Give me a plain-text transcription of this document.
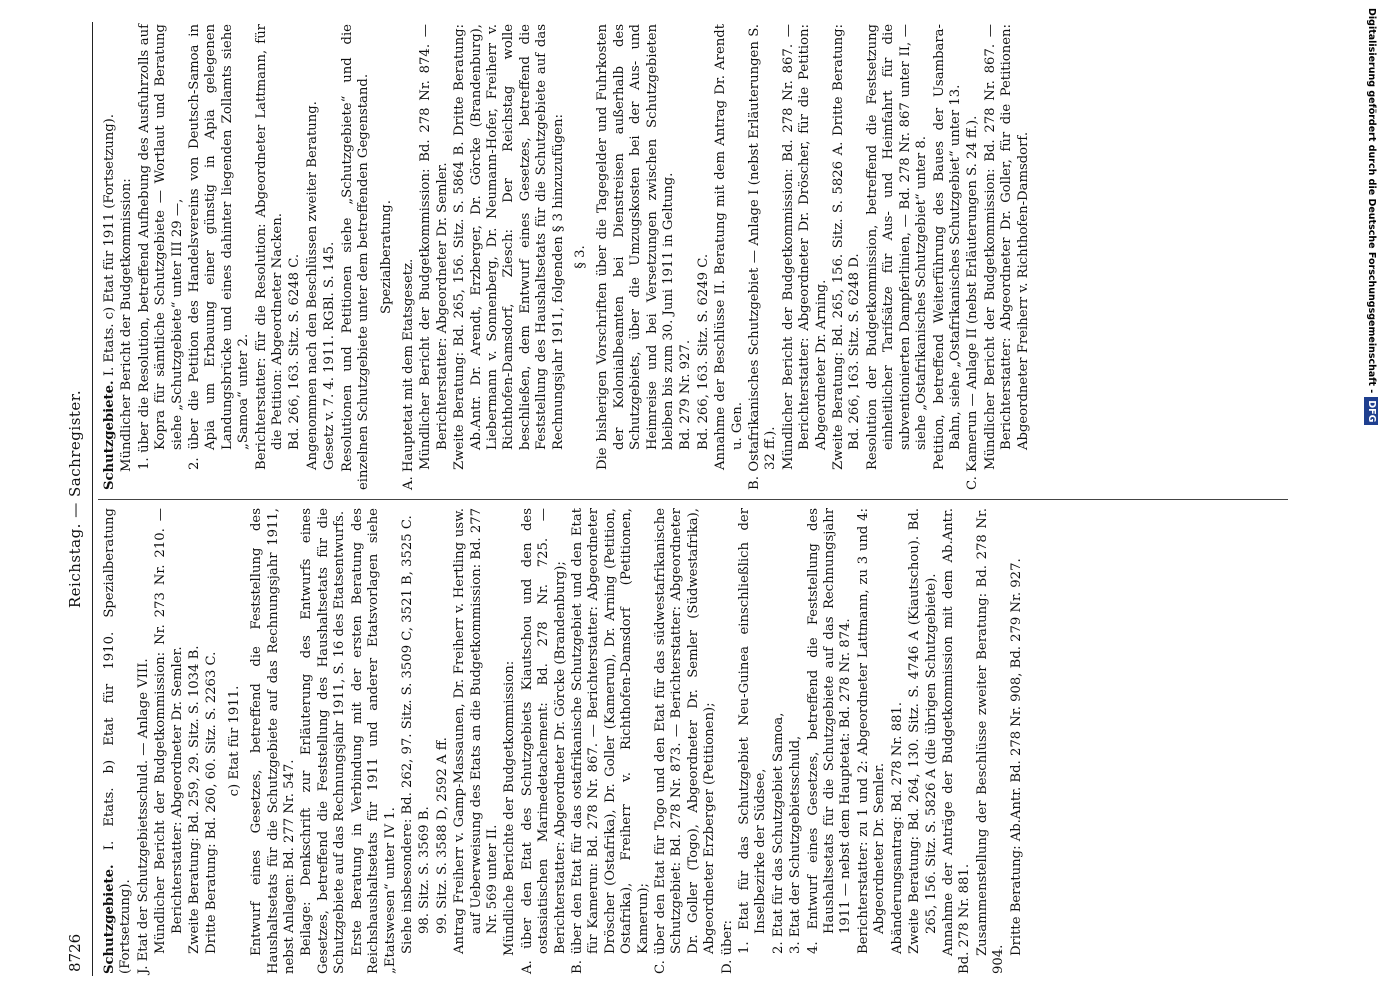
8726
Reichstag. — Sachregister.

Schutzgebiete. I. Etats. b) Etat für 1910. Spezialberatung (Fortsetzung). J. Etat der Schutzgebietsschuld. — Anlage VIII. Mündlicher Bericht der Budgetkommission: Nr. 273 Nr. 210. — Berichterstatter: Abgeordneter Dr. Semler. Zweite Beratung: Bd. 259, 29. Sitz. S. 1034 B. Dritte Beratung: Bd. 260, 60. Sitz. S. 2263 C. c) Etat für 1911. Entwurf eines Gesetzes, betreffend die Feststellung des Haushaltsetats für die Schutzgebiete auf das Rechnungsjahr 1911, nebst Anlagen: Bd. 277 Nr. 547. Beilage: Denkschrift zur Erläuterung des Entwurfs eines Gesetzes, betreffend die Feststellung des Haushaltsetats für die Schutzgebiete auf das Rechnungsjahr 1911, S. 16 des Etatsentwurfs. Erste Beratung in Verbindung mit der ersten Beratung des Reichshaushaltsetats für 1911 und anderer Etatsvorlagen siehe „Etatswesen“ unter IV 1. Siehe insbesondere: Bd. 262, 97. Sitz. S. 3509 C, 3521 B, 3525 C. 98. Sitz. S. 3569 B. 99. Sitz. S. 3588 D, 2592 A ff. Antrag Freiherr v. Gamp-Massaunen, Dr. Freiherr v. Hertling usw. auf Ueberweisung des Etats an die Budgetkommission: Bd. 277 Nr. 569 unter II. Mündliche Berichte der Budgetkommission: A. über den Etat des Schutzgebiets Kiautschou und den des ostasiatischen Marinedetachement: Bd. 278 Nr. 725. — Berichterstatter: Abgeordneter Dr. Görcke (Brandenburg); B. über den Etat für das ostafrikanische Schutzgebiet und den Etat für Kamerun: Bd. 278 Nr. 867. — Berichterstatter: Abgeordneter Dröscher (Ostafrika), Dr. Goller (Kamerun), Dr. Arning (Petition, Ostafrika), Freiherr v. Richthofen-Damsdorf (Petitionen, Kamerun); C. über den Etat für Togo und den Etat für das südwestafrikanische Schutzgebiet: Bd. 278 Nr. 873. — Berichterstatter: Abgeordneter Dr. Goller (Togo), Abgeordneter Dr. Semler (Südwestafrika), Abgeordneter Erzberger (Petitionen); D. über: 1. Etat für das Schutzgebiet Neu-Guinea einschließlich der Inselbezirke der Südsee, 2. Etat für das Schutzgebiet Samoa, 3. Etat der Schutzgebietsschuld, 4. Entwurf eines Gesetzes, betreffend die Feststellung des Haushaltsetats für die Schutzgebiete auf das Rechnungsjahr 1911 — nebst dem Hauptetat: Bd. 278 Nr. 874. Berichterstatter: zu 1 und 2: Abgeordneter Lattmann, zu 3 und 4: Abgeordneter Dr. Semler. Abänderungsantrag: Bd. 278 Nr. 881. Zweite Beratung: Bd. 264, 130. Sitz. S. 4746 A (Kiautschou). Bd. 265, 156. Sitz. S. 5826 A (die übrigen Schutzgebiete). Annahme der Anträge der Budgetkommission mit dem Ab.Antr. Bd. 278 Nr. 881. Zusammenstellung der Beschlüsse zweiter Beratung: Bd. 278 Nr. 904.

Dritte Beratung: Ab.Antr. Bd. 278 Nr. 908, Bd. 279 Nr. 927.

Schutzgebiete. I. Etats. c) Etat für 1911 (Fortsetzung). Mündlicher Bericht der Budgetkommission: 1. über die Resolution, betreffend Aufhebung des Ausfuhrzolls auf Kopra für sämtliche Schutzgebiete — Wortlaut und Beratung siehe „Schutzgebiete“ unter III 29 —, 2. über die Petition des Handelsvereins von Deutsch-Samoa in Apia um Erbauung einer günstig in Apia gelegenen Landungsbrücke und eines dahinter liegenden Zollamts siehe „Samoa“ unter 2. Berichterstatter: für die Resolution: Abgeordneter Lattmann, für die Petition: Abgeordneter Nacken. Bd. 266, 163. Sitz. S. 6248 C. Angenommen nach den Beschlüssen zweiter Beratung. Gesetz v. 7. 4. 1911. RGBl. S. 145. Resolutionen und Petitionen siehe „Schutzgebiete“ und die einzelnen Schutzgebiete unter dem betreffenden Gegenstand. Spezialberatung.

A. Hauptetat mit dem Etatsgesetz. Mündlicher Bericht der Budgetkommission: Bd. 278 Nr. 874. — Berichterstatter: Abgeordneter Dr. Semler. Zweite Beratung: Bd. 265, 156. Sitz. S. 5864 B. Dritte Beratung: Ab.Antr. Dr. Arendt, Erzberger, Dr. Görcke (Brandenburg), Liebermann v. Sonnenberg, Dr. Neumann-Hofer, Freiherr v. Richthofen-Damsdorf, Ziesch: Der Reichstag wolle beschließen, dem Entwurf eines Gesetzes, betreffend die Feststellung des Haushaltsetats für die Schutzgebiete auf das Rechnungsjahr 1911, folgenden § 3 hinzuzufügen: § 3. Die bisherigen Vorschriften über die Tagegelder und Fuhrkosten der Kolonialbeamten bei Dienstreisen außerhalb des Schutzgebiets, über die Umzugskosten bei der Aus- und Heimreise und bei Versetzungen zwischen Schutzgebieten bleiben bis zum 30. Juni 1911 in Geltung. Bd. 279 Nr. 927. Bd. 266, 163. Sitz. S. 6249 C. Annahme der Beschlüsse II. Beratung mit dem Antrag Dr. Arendt u. Gen. B. Ostafrikanisches Schutzgebiet — Anlage I (nebst Erläuterungen S. 32 ff.). Mündlicher Bericht der Budgetkommission: Bd. 278 Nr. 867. — Berichterstatter: Abgeordneter Dr. Dröscher, für die Petition: Abgeordneter Dr. Arning. Zweite Beratung: Bd. 265, 156. Sitz. S. 5826 A. Dritte Beratung: Bd. 266, 163. Sitz. S. 6248 D. Resolution der Budgetkommission, betreffend die Festsetzung einheitlicher Tarifsätze für Aus- und Heimfahrt für die subventionierten Dampferlinien, — Bd. 278 Nr. 867 unter II, — siehe „Ostafrikanisches Schutzgebiet“ unter 8. Petition, betreffend Weiterführung des Baues der Usambara-Bahn, siehe „Ostafrikanisches Schutzgebiet“ unter 13. C. Kamerun — Anlage II (nebst Erläuterungen S. 24 ff.). Mündlicher Bericht der Budgetkommission: Bd. 278 Nr. 867. — Berichterstatter: Abgeordneter Dr. Goller, für die Petitionen: Abgeordneter Freiherr v. Richthofen-Damsdorf.	Digitalisierung gefördert durch die Deutsche Forschungsgemeinschaft -DFG
